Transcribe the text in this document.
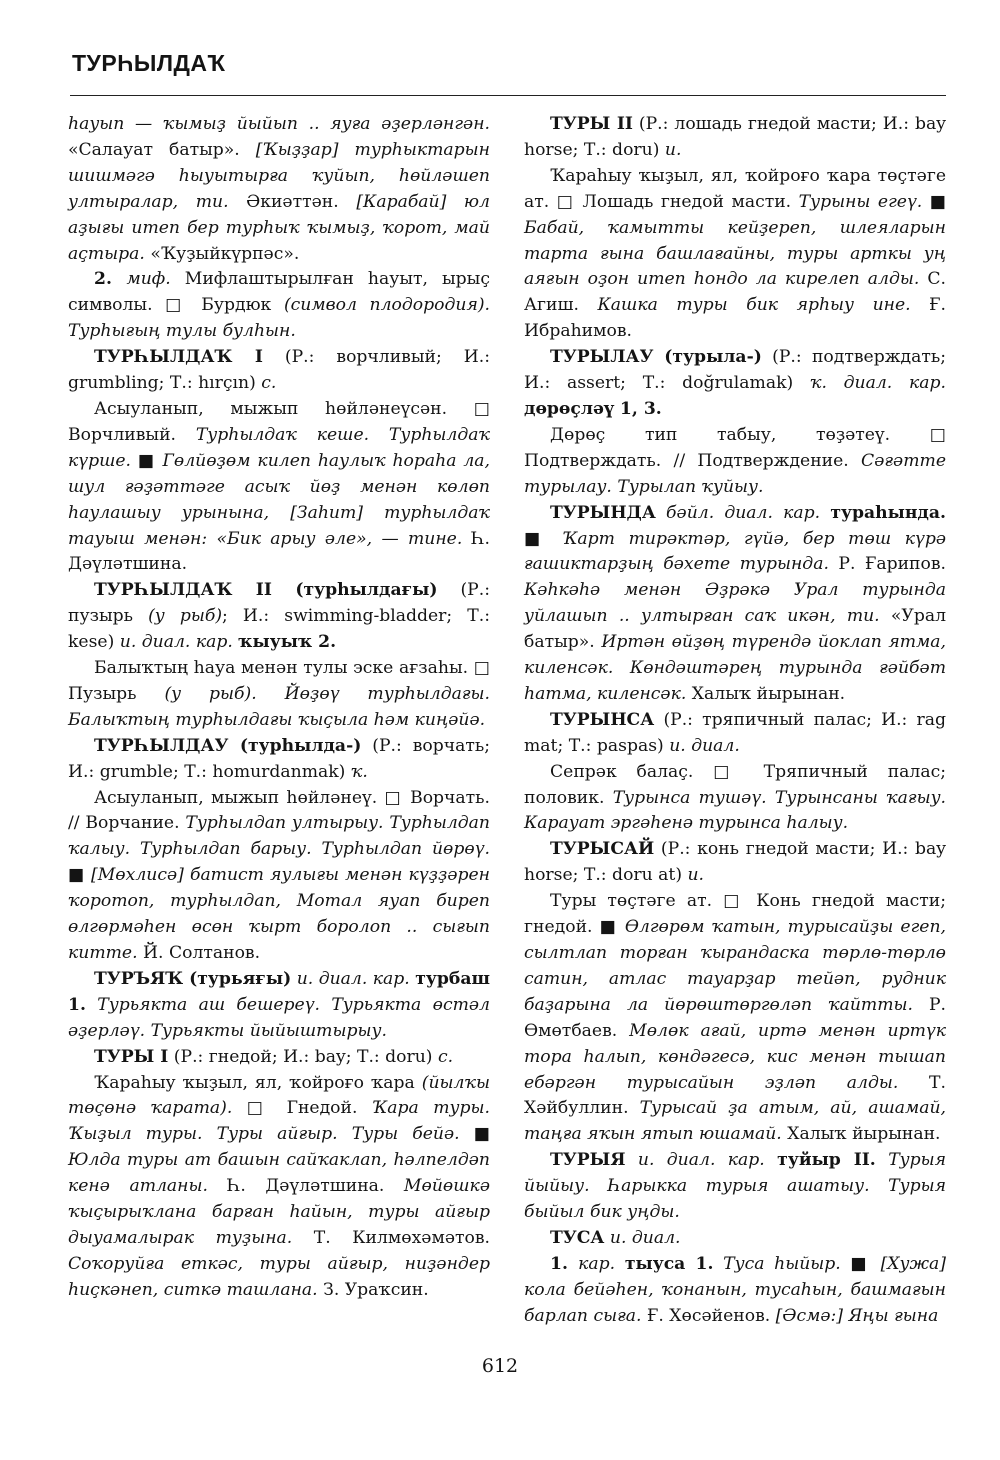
ТУРҺЫЛДАҠ

һауып — ҡымыҙ йыйып .. яуға әҙерләнгән. «Салауат батыр». [Ҡыҙҙар] турһыктарын шишмәгә һыуытырға ҡуйып, һөйләшеп ултыралар, ти. Әкиәттән. [Карабай] юл аҙығы итеп бер турһыҡ ҡымыҙ, ҡорот, май аҫтыра. «Ҡуҙыйкүрпәс».

2. миф. Мифлаштырылған һауыт, ырыҫ символы. □ Бурдюк (символ плодородия). Турһығың тулы булһын.

ТУРҺЫЛДАҠ I (Р.: ворчливый; И.: grumbling; Т.: hırçın) с.

Асыуланып, мыжып һөйләнеүсән. □ Ворчливый. Турһылдаҡ кеше. Турһылдаҡ күрше. ■ Гөлйөҙөм килеп һаулыҡ һораһа ла, шул ғәҙәттәге асыҡ йөҙ менән көлөп һаулашыу урынына, [Заһит] турһылдаҡ тауыш менән: «Бик арыу әле», — тине. Һ. Дәүләтшина.

ТУРҺЫЛДАҠ II (турһылдағы) (Р.: пузырь (у рыб); И.: swimming-bladder; Т.: kese) и. диал. кар. ҡыуыҡ 2.

Балыҡтың һауа менән тулы эске ағзаһы. □ Пузырь (у рыб). Йөҙөү турһылдағы. Балыҡтың турһылдағы ҡыҫыла һәм киңәйә.

ТУРҺЫЛДАУ (турһылда-) (Р.: ворчать; И.: grumble; Т.: homurdanmak) ҡ.

Асыуланып, мыжып һөйләнеү. □ Ворчать. // Ворчание. Турһылдап ултырыу. Турһылдап ҡалыу. Турһылдап барыу. Турһылдап йөрөү. ■ [Мөхлисә] батист яулығы менән күҙҙәрен ҡоротоп, турһылдап, Мотал яуап биреп өлгөрмәһен өсөн ҡырт боролоп .. сығып китте. Й. Солтанов.

ТУРЪЯҠ (турьяғы) и. диал. кар. турбаш 1. Турьякта аш бешереү. Турьякта өстәл әҙерләү. Турьякты йыйыштырыу.

ТУРЫ I (Р.: гнедой; И.: bay; Т.: doru) с.

Ҡараһыу ҡыҙыл, ял, ҡойроғо ҡара (йылҡы төҫөнә ҡарата). □ Гнедой. Ҡара туры. Ҡыҙыл туры. Туры айғыр. Туры бейә. ■ Юлда туры ат башын сайҡаклап, һәлпелдәп кенә атланы. Һ. Дәүләтшина. Мөйөшкә ҡыҫырыҡлана барған һайын, туры айғыр дыуамалырак туҙына. Т. Килмөхәмәтов. Соҡоруйға еткәс, туры айғыр, ниҙәндер һиҫкәнеп, ситкә ташлана. З. Ураҡсин.

ТУРЫ II (Р.: лошадь гнедой масти; И.: bay horse; Т.: doru) и.

Ҡараһыу ҡыҙыл, ял, ҡойроғо ҡара төҫтәге ат. □ Лошадь гнедой масти. Турыны егеү. ■ Бабай, ҡамытты кейҙереп, шлеяларын тарта ғына башлағайны, туры арткы уң аяғын оҙон итеп һондо ла кирелеп алды. С. Агиш. Кашка туры бик ярһыу ине. Ғ. Ибраһимов.

ТУРЫЛАУ (турыла-) (Р.: подтверждать; И.: assert; Т.: doğrulamak) ҡ. диал. кар. дөрөҫләү 1, 3.

Дөрөҫ тип табыу, төҙәтеү. □ Подтверждать. // Подтверждение. Сәғәтте турылау. Турылап ҡуйыу.

ТУРЫНДА бәйл. диал. кар. тураһында. ■ Ҡарт тирәктәр, гүйә, бер төш күрә ғашиктарҙың бәхете турында. Р. Ғарипов. Кәһкәһә менән Әҙрәкә Урал турында уйлашып .. ултырған саҡ икән, ти. «Урал батыр». Иртән өйҙөң түрендә йоклап ятма, киленсәк. Көндәштәрең турында ғәйбәт һатма, киленсәк. Халыҡ йырынан.

ТУРЫНСА (Р.: тряпичный палас; И.: rag mat; Т.: paspas) и. диал.

Сепрәк балаҫ. □ Тряпичный палас; половик. Турынса тушәү. Турынсаны ҡағыу. Карауат эргәһенә турынса һалыу.

ТУРЫСАЙ (Р.: конь гнедой масти; И.: bay horse; Т.: doru at) и.

Туры төҫтәге ат. □ Конь гнедой масти; гнедой. ■ Өлгөрөм ҡатын, турысайҙы егеп, сылтлап торған ҡырандаска төрлө-төрлө сатин, атлас тауарҙар тейәп, рудник баҙарына ла йөрөштөргөләп ҡайтты. Р. Өмөтбаев. Мөлөк ағай, иртә менән иртүк тора һалып, көндәгесә, кис менән тышап ебәргән турысайын эҙләп алды. Т. Хәйбуллин. Турысай ҙа атым, ай, ашамай, таңға яҡын ятып юшамай. Халыҡ йырынан.

ТУРЫЯ и. диал. кар. туйыр II. Турыя йыйыу. Һарыкка турыя ашатыу. Турыя быйыл бик уңды.

ТУСА и. диал.

1. кар. тыуса 1. Туса һыйыр. ■ [Хужа] кола бейәһен, ҡонанын, тусаһын, башмағын барлап сыға. Ғ. Хөсәйенов. [Әсмә:] Яңы ғына

612
